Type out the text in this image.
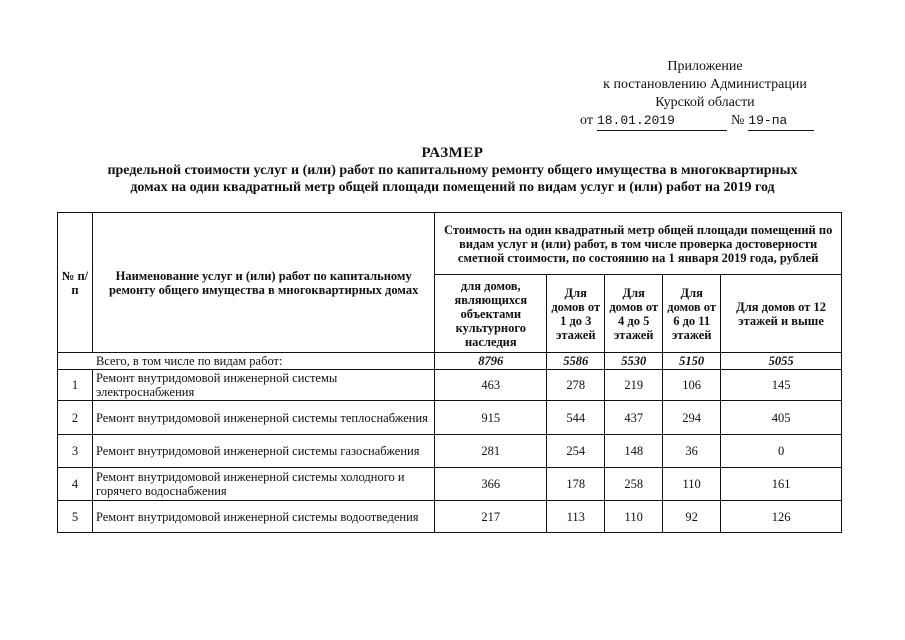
Приложение
к постановлению Администрации
Курской области
от 18.01.2019	№ 19-па
РАЗМЕР
предельной стоимости услуг и (или) работ по капитальному ремонту общего имущества в многоквартирных
домах на один квадратный метр общей площади помещений по видам услуг и (или) работ на 2019 год
№ п/п	Наименование услуг и (или) работ по капитальному ремонту общего имущества в многоквартирных домах	Стоимость на один квадратный метр общей площади помещений по видам услуг и (или) работ, в том числе проверка достоверности сметной стоимости, по состоянию на 1 января 2019 года, рублей				
		для домов, являющихся объектами культурного наследия	Для домов от 1 до 3 этажей	Для домов от 4 до 5 этажей	Для домов от 6 до 11 этажей	Для домов от 12 этажей и выше
Всего, в том числе по видам работ:		8796	5586	5530	5150	5055
1	Ремонт внутридомовой инженерной системы электроснабжения	463	278	219	106	145
2	Ремонт внутридомовой инженерной системы теплоснабжения	915	544	437	294	405
3	Ремонт внутридомовой инженерной системы газоснабжения	281	254	148	36	0
4	Ремонт внутридомовой инженерной системы холодного и горячего водоснабжения	366	178	258	110	161
5	Ремонт внутридомовой инженерной системы водоотведения	217	113	110	92	126
